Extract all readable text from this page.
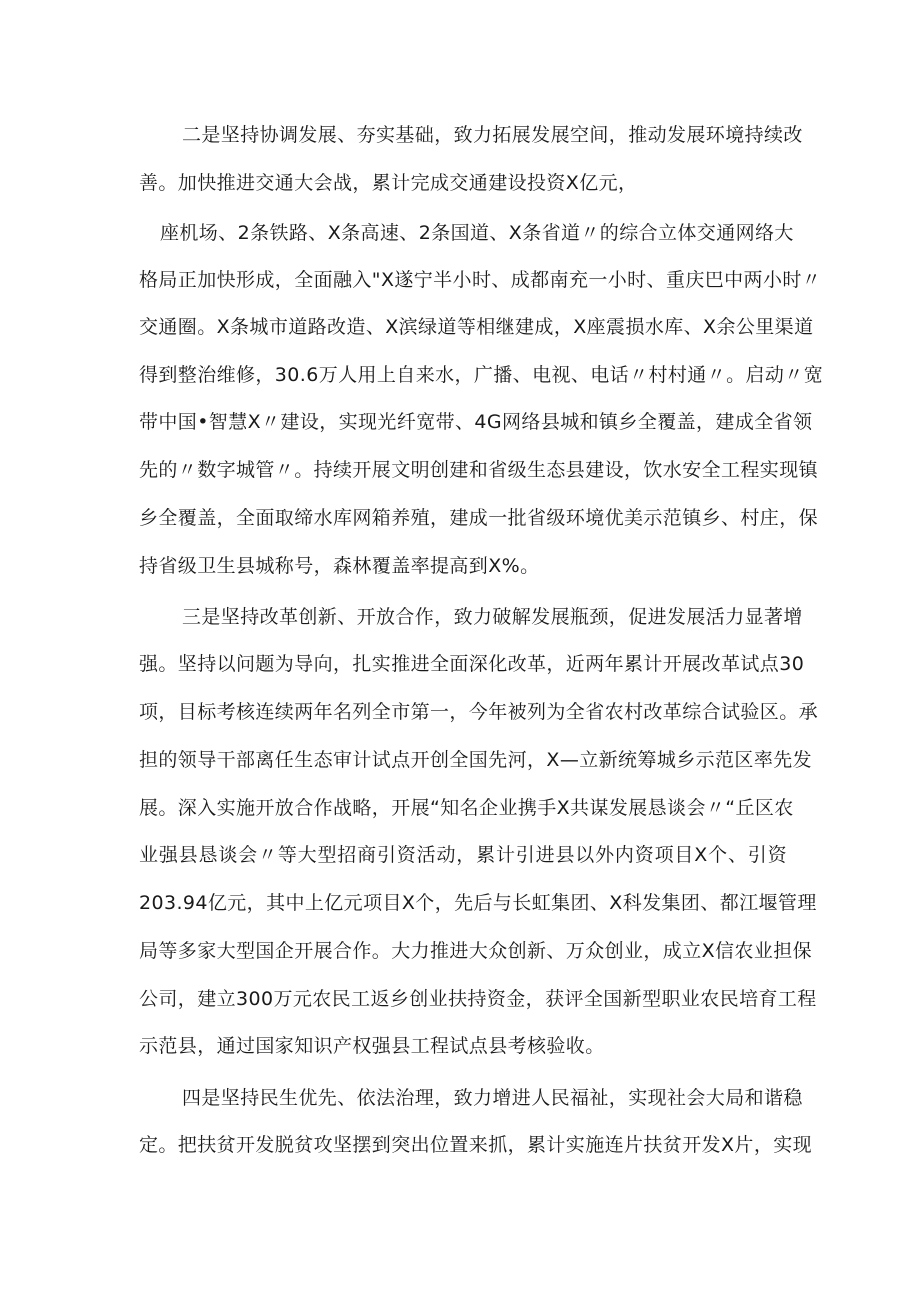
二是坚持协调发展、夯实基础，致力拓展发展空间，推动发展环境持续改
善。加快推进交通大会战，累计完成交通建设投资X亿元，
座机场、2条铁路、X条高速、2条国道、X条省道〃的综合立体交通网络大
格局正加快形成，全面融入"X遂宁半小时、成都南充一小时、重庆巴中两小时〃
交通圈。X条城市道路改造、X滨绿道等相继建成，X座震损水库、X余公里渠道
得到整治维修，30.6万人用上自来水，广播、电视、电话〃村村通〃。启动〃宽
带中国•智慧X〃建设，实现光纤宽带、4G网络县城和镇乡全覆盖，建成全省领
先的〃数字城管〃。持续开展文明创建和省级生态县建设，饮水安全工程实现镇
乡全覆盖，全面取缔水库网箱养殖，建成一批省级环境优美示范镇乡、村庄，保
持省级卫生县城称号，森林覆盖率提高到X%。
三是坚持改革创新、开放合作，致力破解发展瓶颈，促进发展活力显著增
强。坚持以问题为导向，扎实推进全面深化改革，近两年累计开展改革试点30
项，目标考核连续两年名列全市第一，今年被列为全省农村改革综合试验区。承
担的领导干部离任生态审计试点开创全国先河，X—立新统筹城乡示范区率先发
展。深入实施开放合作战略，开展“知名企业携手X共谋发展恳谈会〃“丘区农
业强县恳谈会〃等大型招商引资活动，累计引进县以外内资项目X个、引资
203.94亿元，其中上亿元项目X个，先后与长虹集团、X科发集团、都江堰管理
局等多家大型国企开展合作。大力推进大众创新、万众创业，成立X信农业担保
公司，建立300万元农民工返乡创业扶持资金，获评全国新型职业农民培育工程
示范县，通过国家知识产权强县工程试点县考核验收。
四是坚持民生优先、依法治理，致力增进人民福祉，实现社会大局和谐稳
定。把扶贫开发脱贫攻坚摆到突出位置来抓，累计实施连片扶贫开发X片，实现
